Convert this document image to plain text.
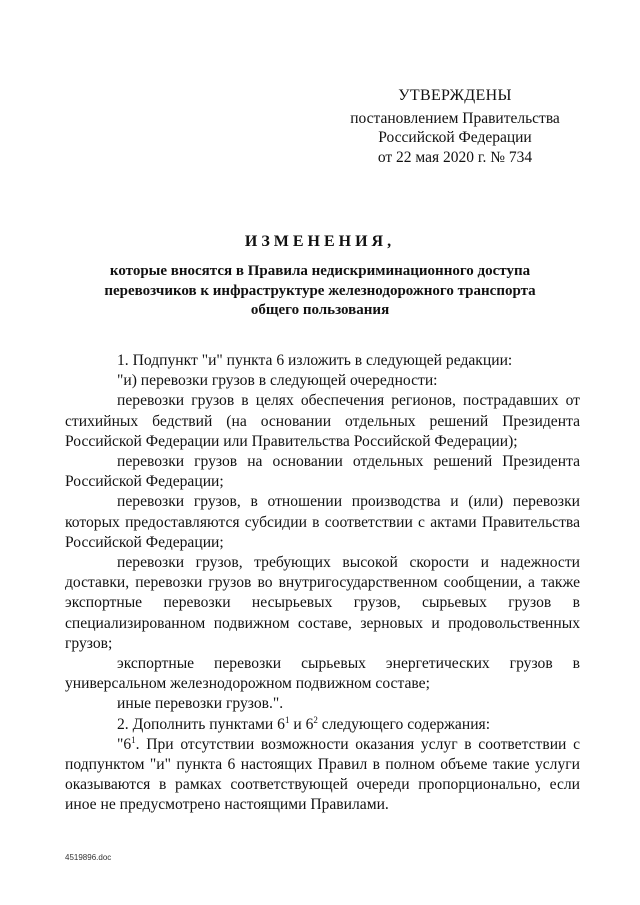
УТВЕРЖДЕНЫ
постановлением Правительства
Российской Федерации
от 22 мая 2020 г. № 734
ИЗМЕНЕНИЯ,
которые вносятся в Правила недискриминационного доступа перевозчиков к инфраструктуре железнодорожного транспорта общего пользования

1. Подпункт "и" пункта 6 изложить в следующей редакции:

"и) перевозки грузов в следующей очередности:

перевозки грузов в целях обеспечения регионов, пострадавших от стихийных бедствий (на основании отдельных решений Президента Российской Федерации или Правительства Российской Федерации);

перевозки грузов на основании отдельных решений Президента Российской Федерации;

перевозки грузов, в отношении производства и (или) перевозки которых предоставляются субсидии в соответствии с актами Правительства Российской Федерации;

перевозки грузов, требующих высокой скорости и надежности доставки, перевозки грузов во внутригосударственном сообщении, а также экспортные перевозки несырьевых грузов, сырьевых грузов в специализированном подвижном составе, зерновых и продовольственных грузов;

экспортные перевозки сырьевых энергетических грузов в универсальном железнодорожном подвижном составе;

иные перевозки грузов.".

2. Дополнить пунктами $6^1$ и $6^2$ следующего содержания:

"$6^1$. При отсутствии возможности оказания услуг в соответствии с подпунктом "и" пункта 6 настоящих Правил в полном объеме такие услуги оказываются в рамках соответствующей очереди пропорционально, если иное не предусмотрено настоящими Правилами.

4519896.doc
